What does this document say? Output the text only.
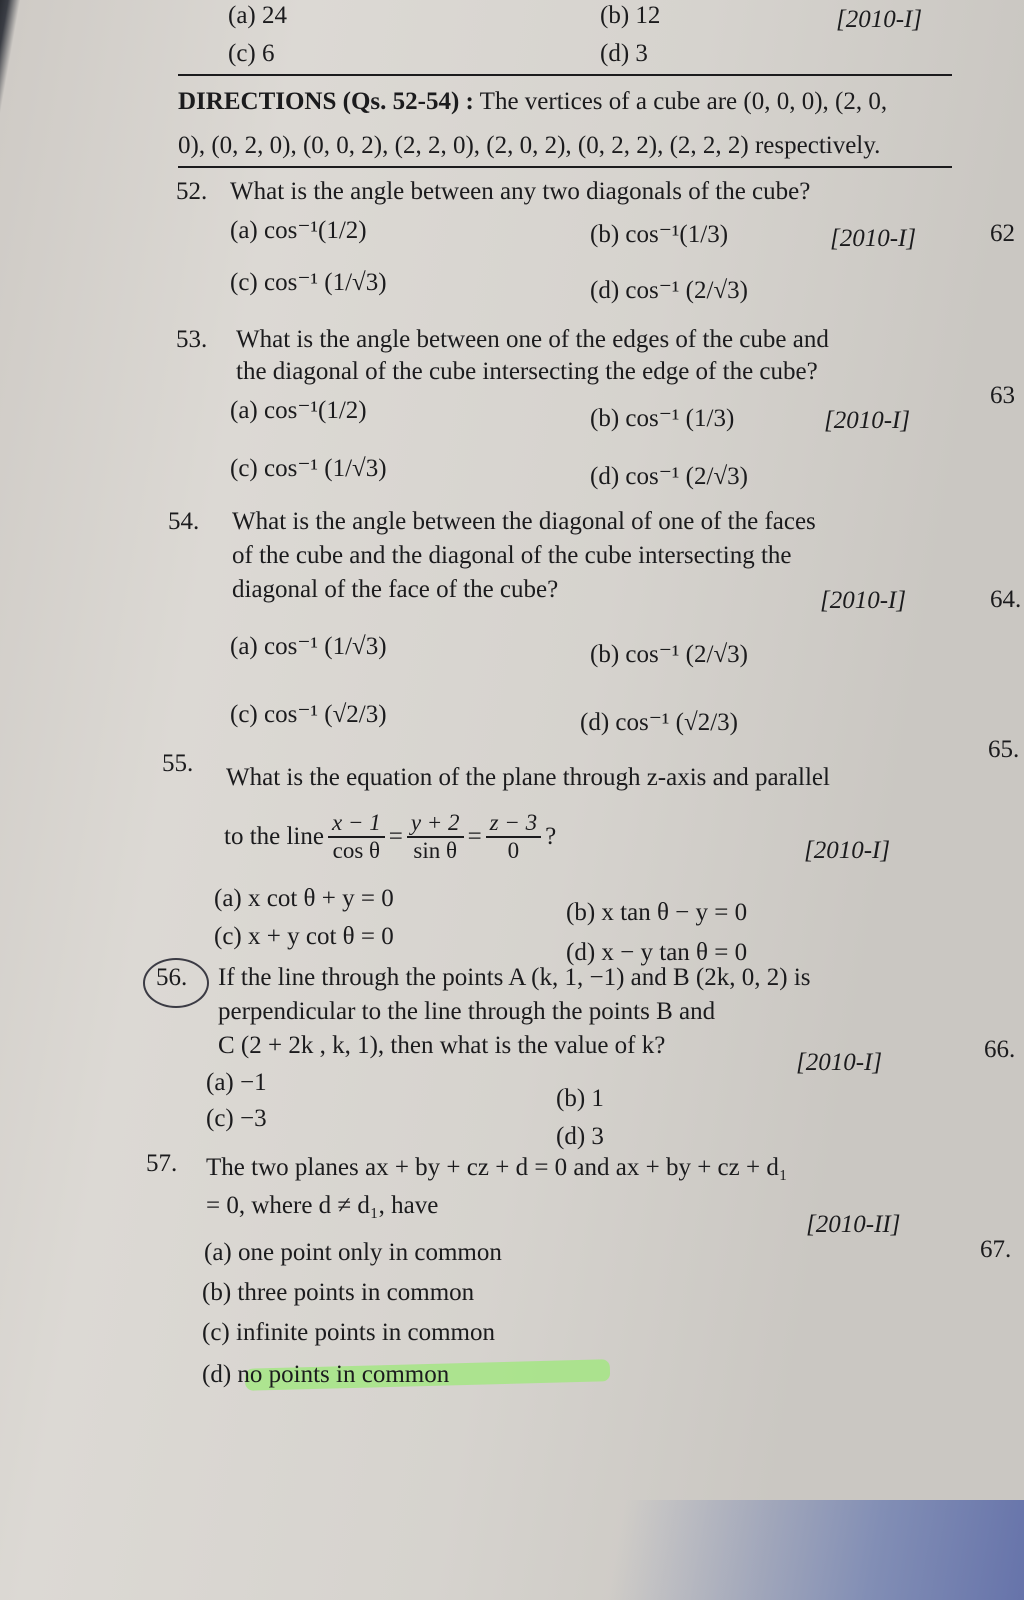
(a) 24	(b) 12	[2010-I]
(c) 6	(d) 3
DIRECTIONS (Qs. 52-54) : The vertices of a cube are (0, 0, 0), (2, 0,
0), (0, 2, 0), (0, 0, 2), (2, 2, 0), (2, 0, 2), (0, 2, 2), (2, 2, 2) respectively.
52. What is the angle between any two diagonals of the cube?
(a) cos⁻¹(1/2)	(b) cos⁻¹(1/3)	[2010-I]	62
(c) cos⁻¹ (1/√3)	(d) cos⁻¹ (2/√3)
53. What is the angle between one of the edges of the cube and
the diagonal of the cube intersecting the edge of the cube?
(a) cos⁻¹(1/2)	(b) cos⁻¹ (1/3)	[2010-I]
63
(c) cos⁻¹ (1/√3)	(d) cos⁻¹ (2/√3)
54. What is the angle between the diagonal of one of the faces
of the cube and the diagonal of the cube intersecting the
diagonal of the face of the cube?	[2010-I]	64.
(a) cos⁻¹ (1/√3)	(b) cos⁻¹ (2/√3)
(c) cos⁻¹ (√2/3)	(d) cos⁻¹ (√2/3)
55.
What is the equation of the plane through z-axis and parallel
65.
to the line $\frac{x - 1}{\text{cos θ}} = \frac{y + 2}{\text{sin θ}} = \frac{z - 3}{0}$ ?
[2010-I]
(a) x cot θ + y = 0
(b) x tan θ − y = 0
(c) x + y cot θ = 0
(d) x − y tan θ = 0
56. If the line through the points A (k, 1, −1) and B (2k, 0, 2) is
perpendicular to the line through the points B and
C (2 + 2k , k, 1), then what is the value of k?
[2010-I]	66.
(a) −1
(b) 1
(c) −3
(d) 3
57. The two planes ax + by + cz + d = 0 and ax + by + cz + d₁
= 0, where d ≠ d₁, have
[2010-II]
67.
(a) one point only in common
(b) three points in common
(c) infinite points in common
(d) no points in common
